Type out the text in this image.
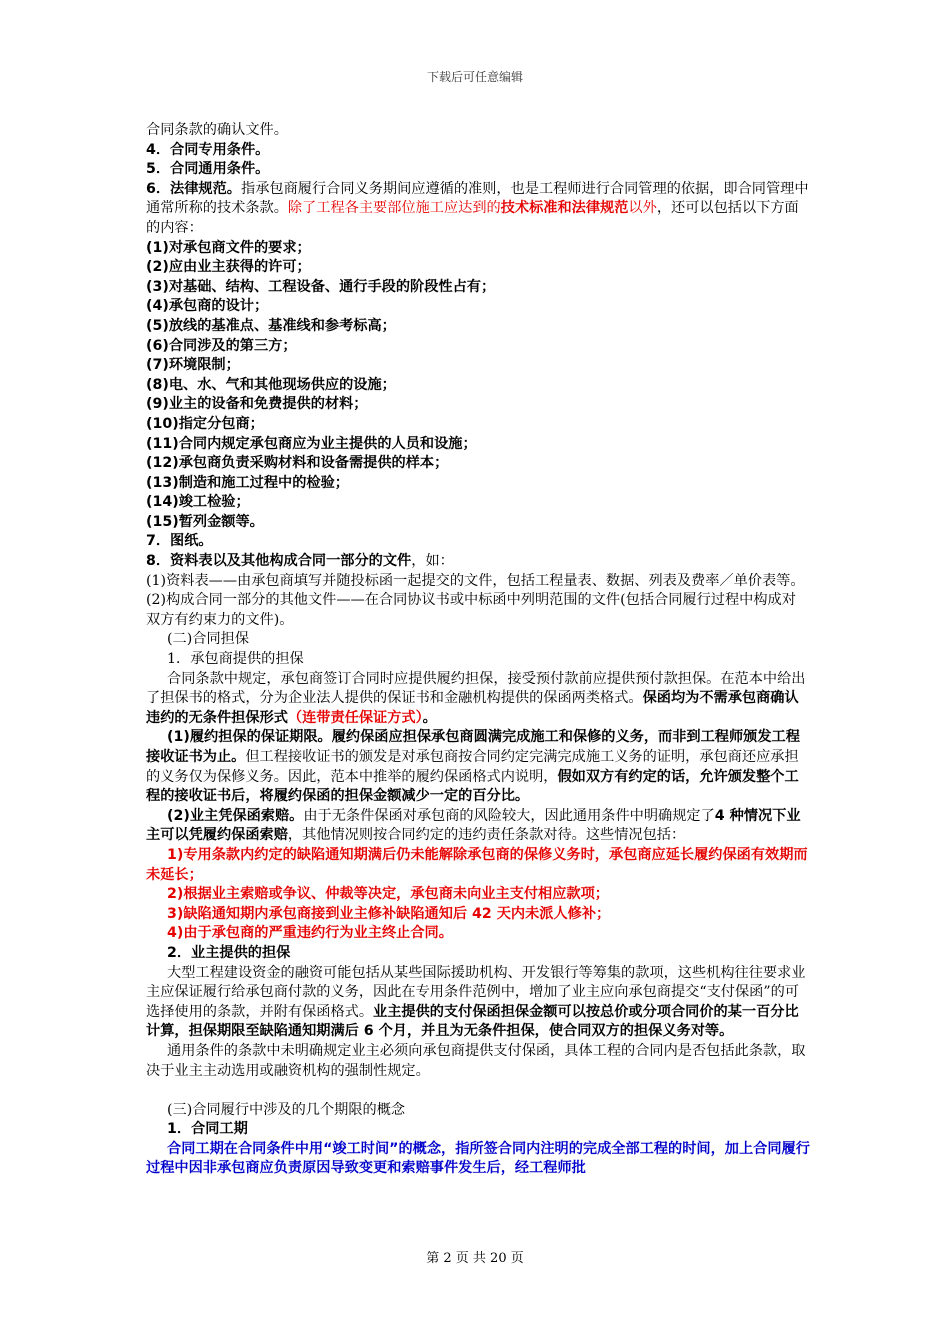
下载后可任意编辑

合同条款的确认文件。

4．合同专用条件。

5．合同通用条件。

6．法律规范。指承包商履行合同义务期间应遵循的准则，也是工程师进行合同管理的依据，即合同管理中通常所称的技术条款。除了工程各主要部位施工应达到的技术标准和法律规范以外，还可以包括以下方面的内容：

(1)对承包商文件的要求；

(2)应由业主获得的许可；

(3)对基础、结构、工程设备、通行手段的阶段性占有；

(4)承包商的设计；

(5)放线的基准点、基准线和参考标高；

(6)合同涉及的第三方；

(7)环境限制；

(8)电、水、气和其他现场供应的设施；

(9)业主的设备和免费提供的材料；

(10)指定分包商；

(11)合同内规定承包商应为业主提供的人员和设施；

(12)承包商负责采购材料和设备需提供的样本；

(13)制造和施工过程中的检验；

(14)竣工检验；

(15)暂列金额等。

7．图纸。

8．资料表以及其他构成合同一部分的文件，如：

(1)资料表——由承包商填写并随投标函一起提交的文件，包括工程量表、数据、列表及费率／单价表等。

(2)构成合同一部分的其他文件——在合同协议书或中标函中列明范围的文件(包括合同履行过程中构成对双方有约束力的文件)。

(二)合同担保

1．承包商提供的担保

合同条款中规定，承包商签订合同时应提供履约担保，接受预付款前应提供预付款担保。在范本中给出了担保书的格式，分为企业法人提供的保证书和金融机构提供的保函两类格式。保函均为不需承包商确认违约的无条件担保形式（连带责任保证方式）。

(1)履约担保的保证期限。履约保函应担保承包商圆满完成施工和保修的义务，而非到工程师颁发工程接收证书为止。但工程接收证书的颁发是对承包商按合同约定完满完成施工义务的证明，承包商还应承担的义务仅为保修义务。因此，范本中推举的履约保函格式内说明，假如双方有约定的话，允许颁发整个工程的接收证书后，将履约保函的担保金额减少一定的百分比。

(2)业主凭保函索赔。由于无条件保函对承包商的风险较大，因此通用条件中明确规定了4 种情况下业主可以凭履约保函索赔，其他情况则按合同约定的违约责任条款对待。这些情况包括：

1)专用条款内约定的缺陷通知期满后仍未能解除承包商的保修义务时，承包商应延长履约保函有效期而未延长；

2)根据业主索赔或争议、仲裁等决定，承包商未向业主支付相应款项；

3)缺陷通知期内承包商接到业主修补缺陷通知后 42 天内未派人修补；

4)由于承包商的严重违约行为业主终止合同。

2．业主提供的担保

大型工程建设资金的融资可能包括从某些国际援助机构、开发银行等筹集的款项，这些机构往往要求业主应保证履行给承包商付款的义务，因此在专用条件范例中，增加了业主应向承包商提交“支付保函”的可选择使用的条款，并附有保函格式。业主提供的支付保函担保金额可以按总价或分项合同价的某一百分比计算，担保期限至缺陷通知期满后 6 个月，并且为无条件担保，使合同双方的担保义务对等。

通用条件的条款中未明确规定业主必须向承包商提供支付保函，具体工程的合同内是否包括此条款，取决于业主主动选用或融资机构的强制性规定。

(三)合同履行中涉及的几个期限的概念

1．合同工期

合同工期在合同条件中用“竣工时间”的概念，指所签合同内注明的完成全部工程的时间，加上合同履行过程中因非承包商应负责原因导致变更和索赔事件发生后，经工程师批

第 2 页 共 20 页
